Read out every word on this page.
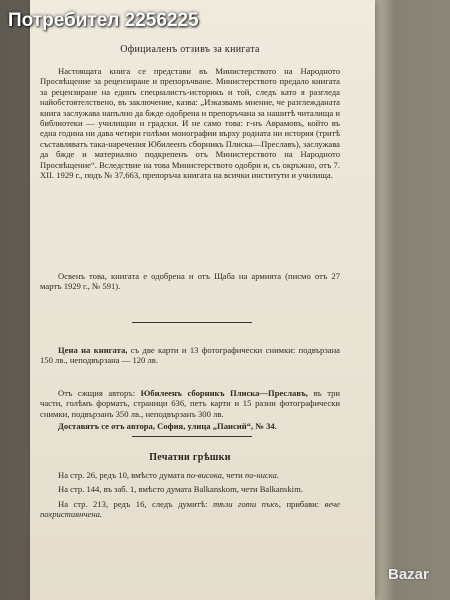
Потребител 2256225
Официаленъ отзивъ за книгата

Настоящата книга се представи въ Министерството на Народното Просвѣщение за рецензиране и препоръчване. Министерството предало книгата за рецензиране на единъ специалистъ-историкъ и той, следъ като я разгледа найобстоятелствено, въ заключение, казва: „Изказвамъ мнение, че разглежданата книга заслужава напълно да бжде одобрена и препоръчана за нашитѣ читалища и библиотеки — училищни и градски. И не само това: г-нъ Аврамовъ, който въ една година ни дава четири голѣми монографии върху родната ни история (тритѣ съставляватъ така-наречения Юбилеенъ сборникъ Плиска—Преславъ), заслужава да бжде и материално подкрепенъ отъ Министерството на Народното Просвѣщение“. Вследствие на това Министерството одобри и, съ окръжно, отъ 7. XII. 1929 г., подъ № 37,663, препоръча книгата на всички институти и училища.

Освенъ това, книгата е одобрена и отъ Щаба на армията (писмо отъ 27 мартъ 1929 г., № 591).

Цена на книгата, съ две карти и 13 фотографически снимки: подвързана 150 лв., неподвързана — 120 лв.

Отъ сжщия авторъ: Юбилеенъ сборникъ Плиска—Преславъ, въ три части, голѣмъ форматъ, страници 636, петъ карти и 15 разни фотографически снимки, подвързанъ 350 лв., неподвързанъ 300 лв.

Доставятъ се отъ автора, София, улица „Паисий“, № 34.

Печатни грѣшки

На стр. 26, редъ 10, вмѣсто думата по-висока, чети по-ниска.

На стр. 144, въ заб. 1, вмѣсто думата Balkanskom, чети Balkanskim.

На стр. 213, редъ 16, следъ думитѣ: тѣзи готи пъкъ, прибави: вече похристиянчена.

Bazar
